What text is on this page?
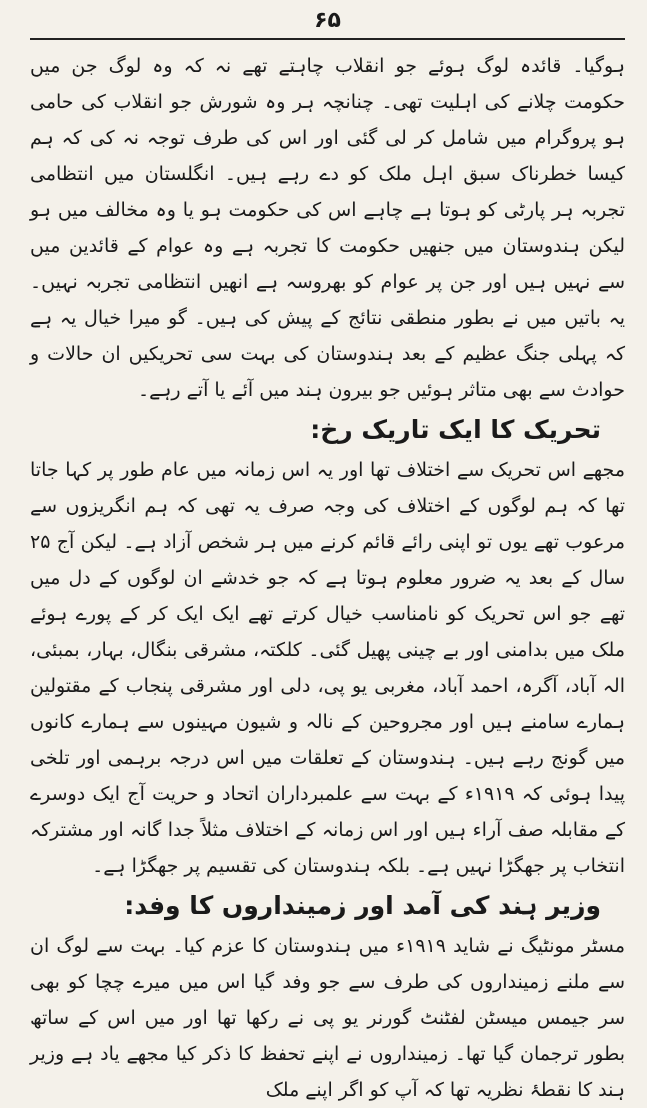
۶۵

ہوگیا۔ قائدہ لوگ ہوئے جو انقلاب چاہتے تھے نہ کہ وہ لوگ جن میں حکومت چلانے کی اہلیت تھی۔ چنانچہ ہر وہ شورش جو انقلاب کی حامی ہو پروگرام میں شامل کر لی گئی اور اس کی طرف توجہ نہ کی کہ ہم کیسا خطرناک سبق اہل ملک کو دے رہے ہیں۔ انگلستان میں انتظامی تجربہ ہر پارٹی کو ہوتا ہے چاہے اس کی حکومت ہو یا وہ مخالف میں ہو لیکن ہندوستان میں جنھیں حکومت کا تجربہ ہے وہ عوام کے قائدین میں سے نہیں ہیں اور جن پر عوام کو بھروسہ ہے انھیں انتظامی تجربہ نہیں۔ یہ باتیں میں نے بطور منطقی نتائج کے پیش کی ہیں۔ گو میرا خیال یہ ہے کہ پہلی جنگ عظیم کے بعد ہندوستان کی بہت سی تحریکیں ان حالات و حوادث سے بھی متاثر ہوئیں جو بیرون ہند میں آئے یا آتے رہے۔

تحریک کا ایک تاریک رخ:

مجھے اس تحریک سے اختلاف تھا اور یہ اس زمانہ میں عام طور پر کہا جاتا تھا کہ ہم لوگوں کے اختلاف کی وجہ صرف یہ تھی کہ ہم انگریزوں سے مرعوب تھے یوں تو اپنی رائے قائم کرنے میں ہر شخص آزاد ہے۔ لیکن آج ۲۵ سال کے بعد یہ ضرور معلوم ہوتا ہے کہ جو خدشے ان لوگوں کے دل میں تھے جو اس تحریک کو نامناسب خیال کرتے تھے ایک ایک کر کے پورے ہوئے ملک میں بدامنی اور بے چینی پھیل گئی۔ کلکتہ، مشرقی بنگال، بہار، بمبئی، الہ آباد، آگرہ، احمد آباد، مغربی یو پی، دلی اور مشرقی پنجاب کے مقتولین ہمارے سامنے ہیں اور مجروحین کے نالہ و شیون مہینوں سے ہمارے کانوں میں گونج رہے ہیں۔ ہندوستان کے تعلقات میں اس درجہ برہمی اور تلخی پیدا ہوئی کہ ۱۹۱۹ء کے بہت سے علمبرداران اتحاد و حریت آج ایک دوسرے کے مقابلہ صف آراء ہیں اور اس زمانہ کے اختلاف مثلاً جدا گانہ اور مشترکہ انتخاب پر جھگڑا نہیں ہے۔ بلکہ ہندوستان کی تقسیم پر جھگڑا ہے۔

وزیر ہند کی آمد اور زمینداروں کا وفد:

مسٹر مونٹیگ نے شاید ۱۹۱۹ء میں ہندوستان کا عزم کیا۔ بہت سے لوگ ان سے ملنے زمینداروں کی طرف سے جو وفد گیا اس میں میرے چچا کو بھی سر جیمس میسٹن لفٹنٹ گورنر یو پی نے رکھا تھا اور میں اس کے ساتھ بطور ترجمان گیا تھا۔ زمینداروں نے اپنے تحفظ کا ذکر کیا مجھے یاد ہے وزیر ہند کا نقطۂ نظریہ تھا کہ آپ کو اگر اپنے ملک
